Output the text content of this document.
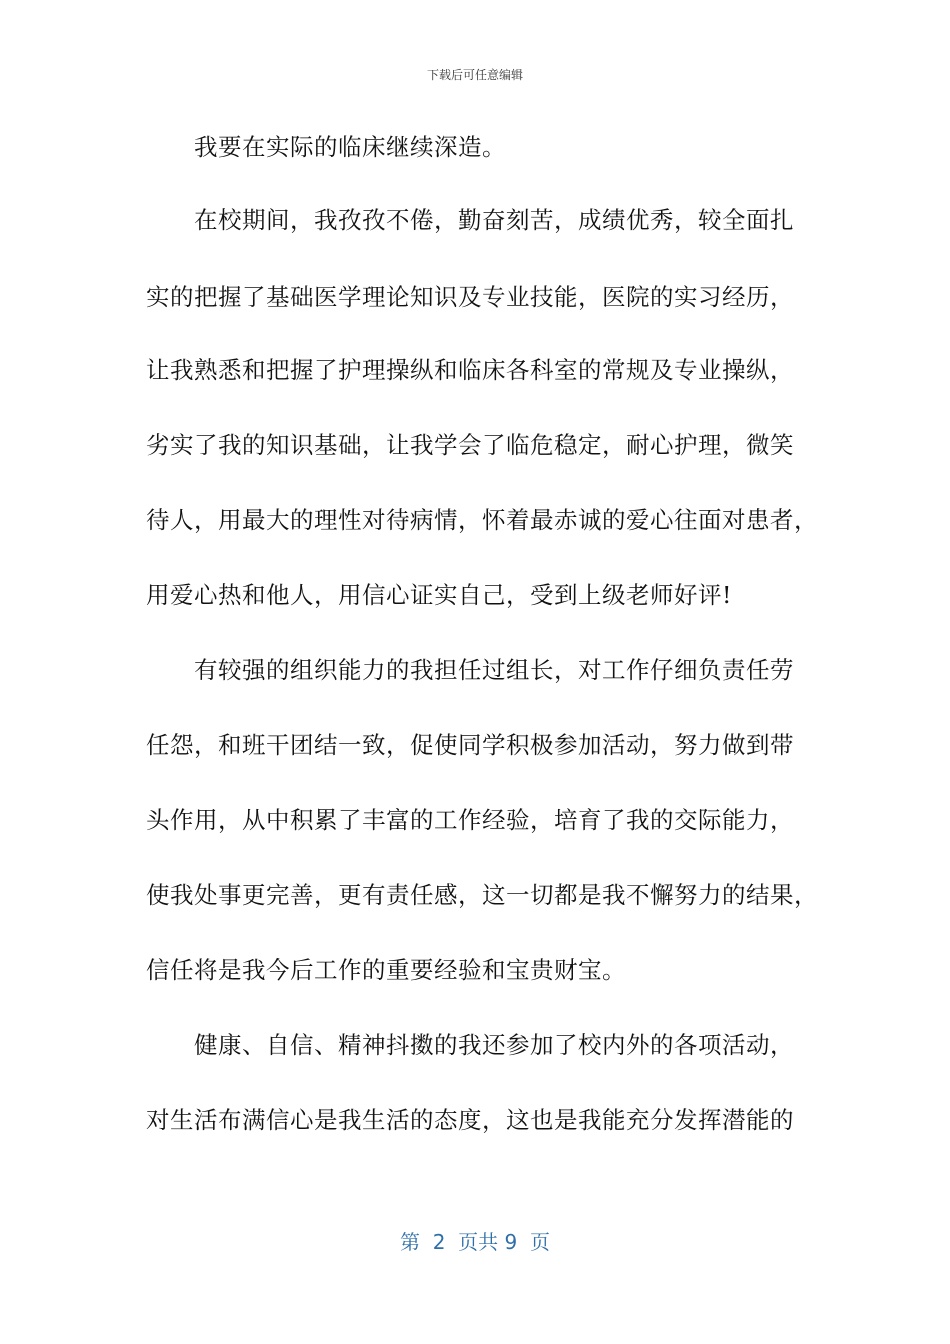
下载后可任意编辑
我要在实际的临床继续深造。
在校期间，我孜孜不倦，勤奋刻苦，成绩优秀，较全面扎
实的把握了基础医学理论知识及专业技能，医院的实习经历，
让我熟悉和把握了护理操纵和临床各科室的常规及专业操纵，
劣实了我的知识基础，让我学会了临危稳定，耐心护理，微笑
待人，用最大的理性对待病情，怀着最赤诚的爱心往面对患者，
用爱心热和他人，用信心证实自己，受到上级老师好评!
有较强的组织能力的我担任过组长，对工作仔细负责任劳
任怨，和班干团结一致，促使同学积极参加活动，努力做到带
头作用，从中积累了丰富的工作经验，培育了我的交际能力，
使我处事更完善，更有责任感，这一切都是我不懈努力的结果，
信任将是我今后工作的重要经验和宝贵财宝。
健康、自信、精神抖擞的我还参加了校内外的各项活动，
对生活布满信心是我生活的态度，这也是我能充分发挥潜能的
第  2  页共 9  页
